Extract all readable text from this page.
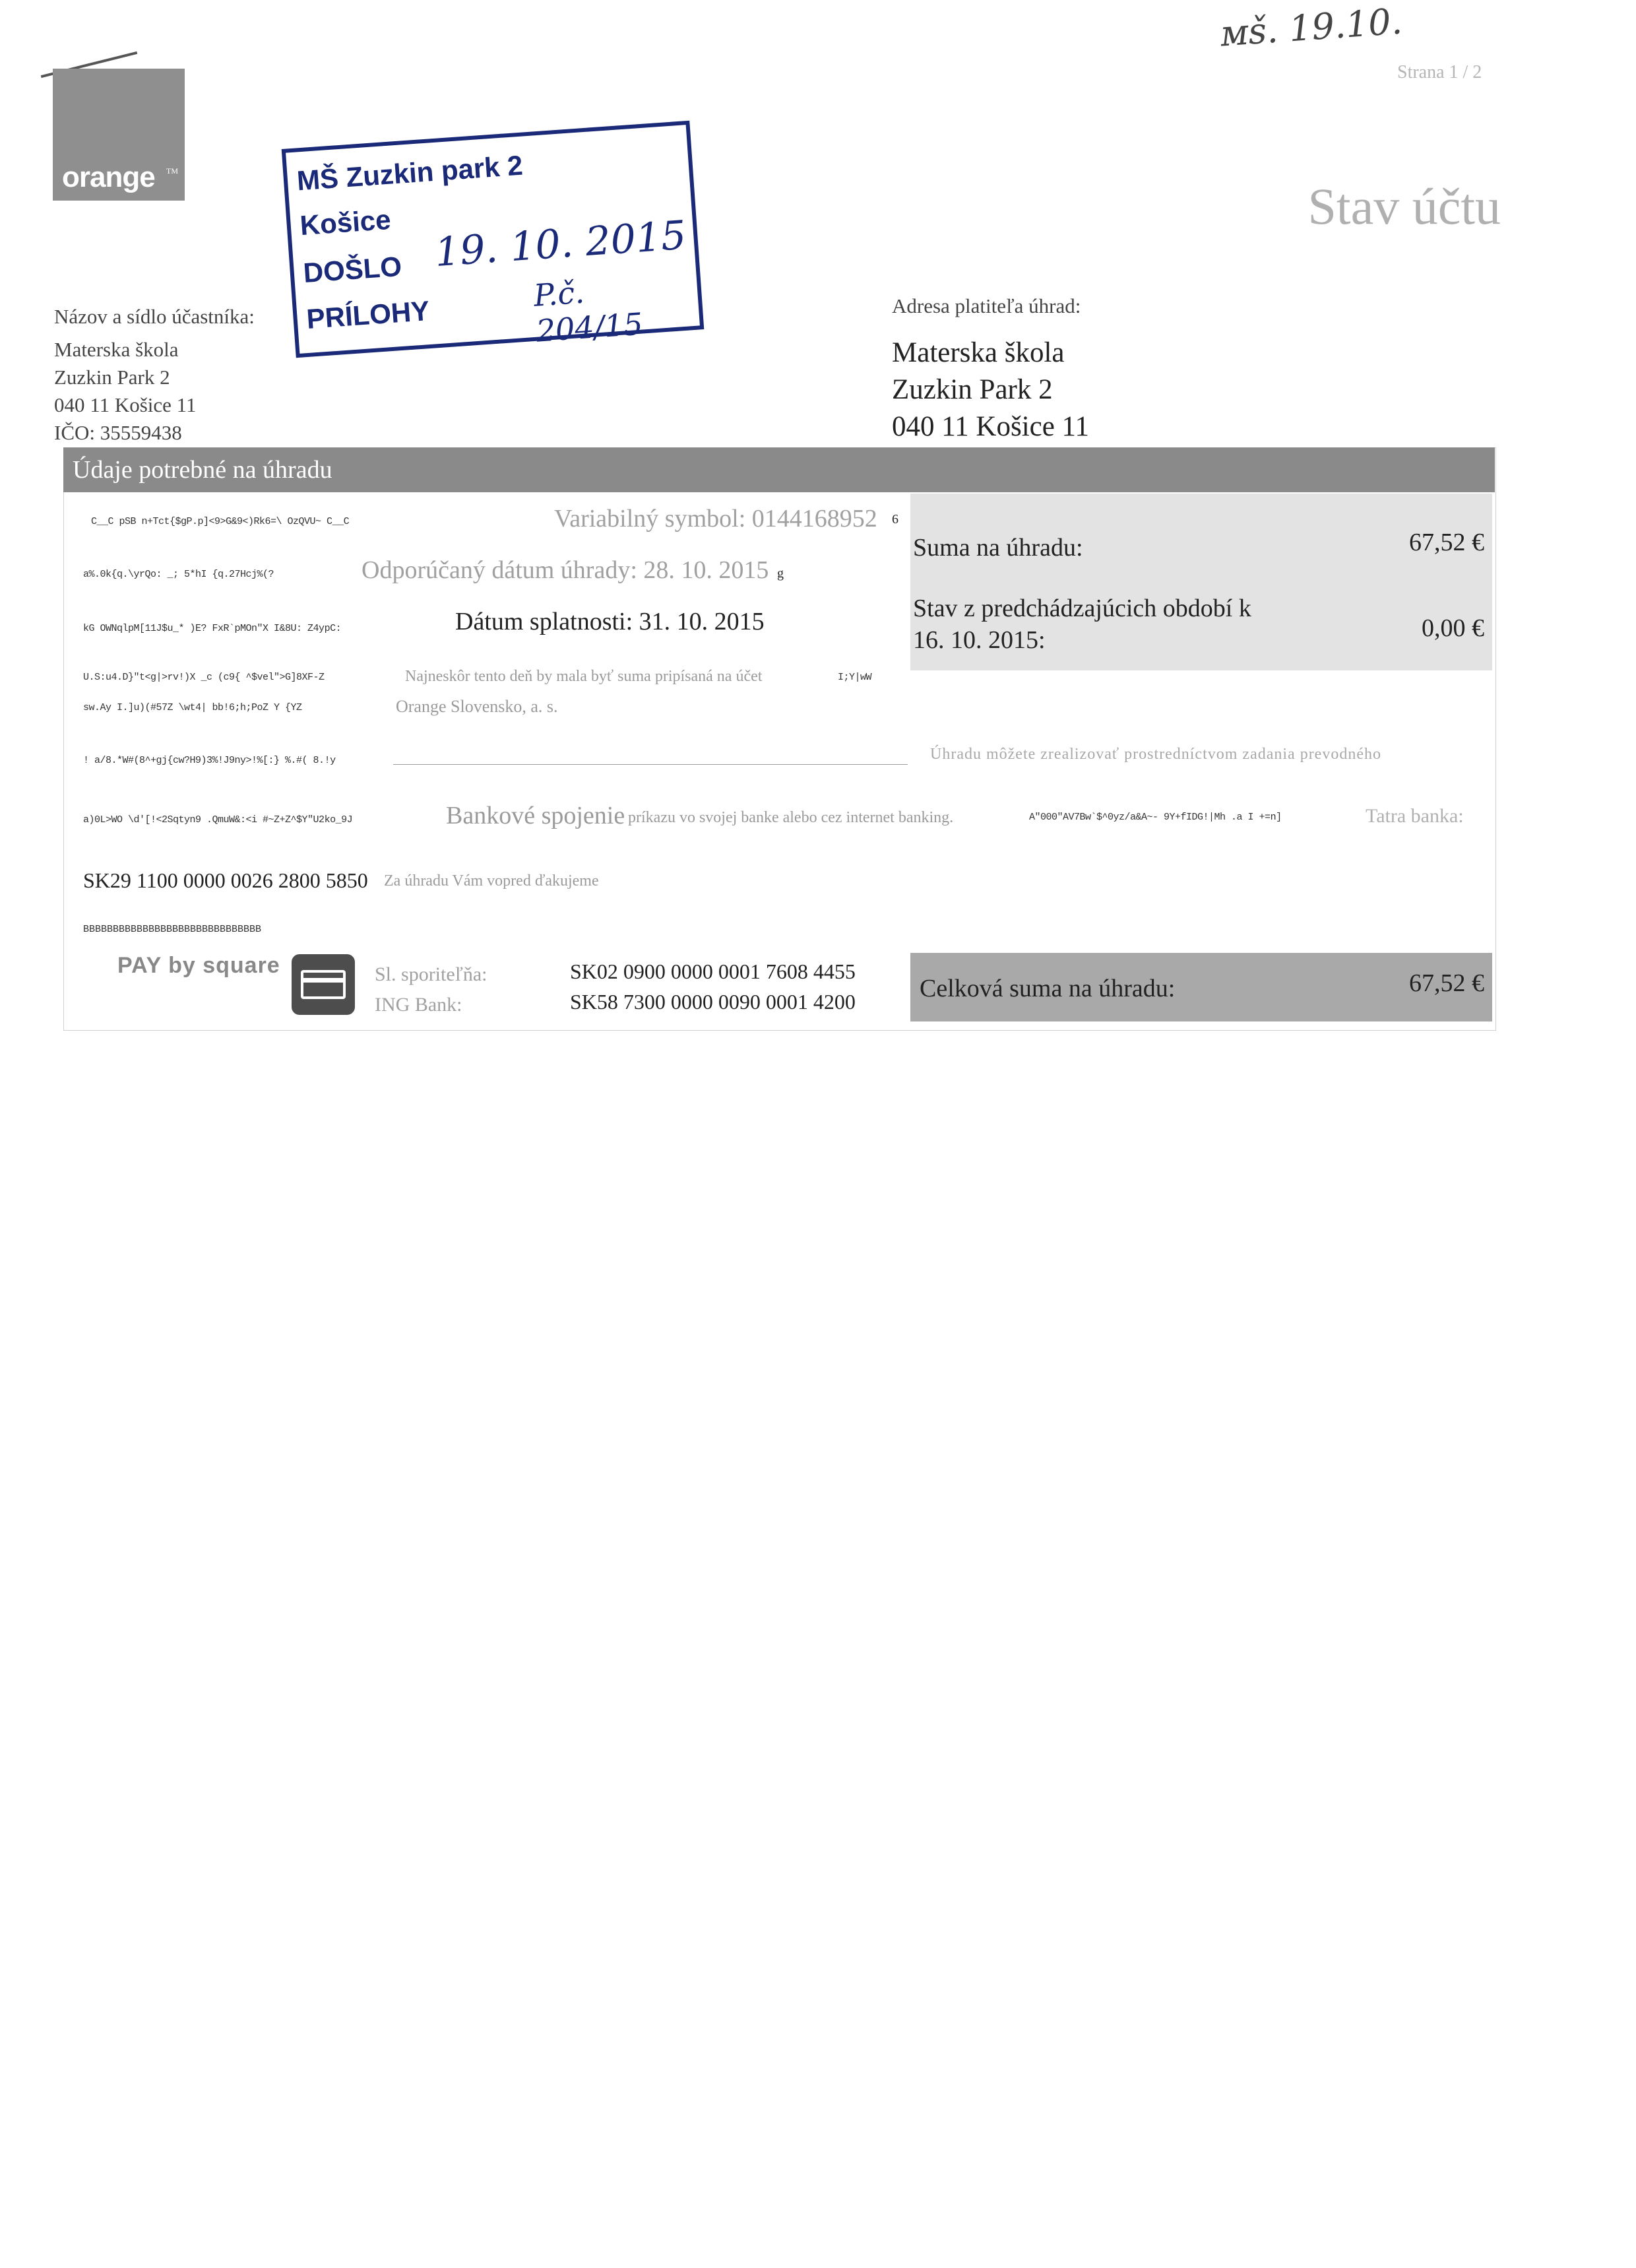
ᴍš. 19.10.
Strana 1 / 2
orange TM
Stav účtu
MŠ Zuzkin park 2
Košice
DOŠLO
PRÍLOHY
19. 10. 2015
P.č. 204/15
Názov a sídlo účastníka:
Materska škola
Zuzkin Park 2
040 11 Košice 11
IČO: 35559438
Adresa platiteľa úhrad:
Materska škola
Zuzkin Park 2
040 11 Košice 11
Údaje potrebné na úhradu
Suma na úhradu:	67,52 €
Stav z predchádzajúcich období k
16. 10. 2015:	0,00 €
C__C pSB n+Tct{$gP.p]<9>G&9<)Rk6=\ OzQVU~ C__C	Variabilný symbol: 0144168952 6
a%.0k{q.\yrQo: _; 5*hI {q.27Hcj%(?	Odporúčaný dátum úhrady: 28. 10. 2015 g
kG OWNqlpM[11J$u_* )E? FxR`pMOn"X I&8U: Z4ypC:	Dátum splatnosti: 31. 10. 2015
U.S:u4.D}"t<g|>rv!)X _c (c9{ ^$vel">G]8XF-Z	Najneskôr tento deň by mala byť suma pripísaná na účet	I;Y|wW
sw.Ay I.]u)(#57Z \wt4| bb!6;h;PoZ Y {YZ	Orange Slovensko, a. s.
! a/8.*W#(8^+gj{cw?H9)3%!J9ny>!%[:} %.#( 8.!y	Úhradu môžete zrealizovať prostredníctvom zadania prevodného
a)0L>WO \d'[!<2Sqtyn9 .QmuW&:<i #~Z+Z^$Y"U2ko_9J	Bankové spojenie príkazu vo svojej banke alebo cez internet banking.	A"000"AV7Bw`$^0yz/a&A~- 9Y+fIDG!|Mh .a I +=n]	Tatra banka:
SK29 1100 0000 0026 2800 5850 Za úhradu Vám vopred ďakujeme
BBBBBBBBBBBBBBBBBBBBBBBBBBBBBB
PAY by square	Sl. sporiteľňa:	SK02 0900 0000 0001 7608 4455
ING Bank:	SK58 7300 0000 0090 0001 4200	Celková suma na úhradu:	67,52 €
